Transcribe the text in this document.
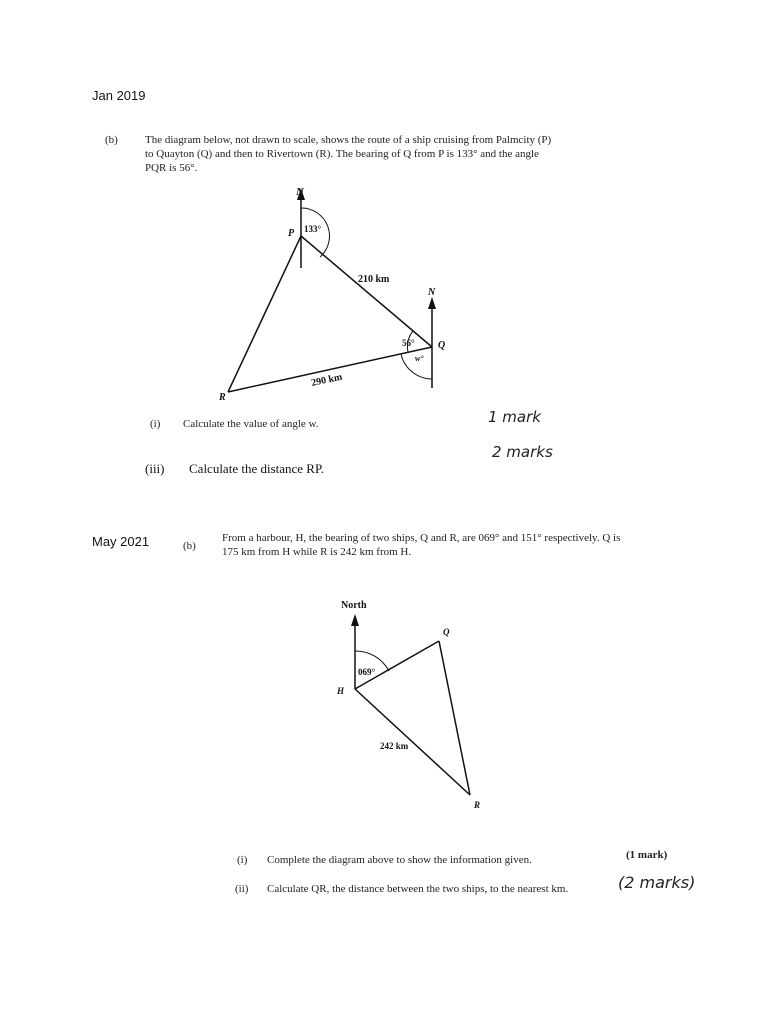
Jan 2019
(b) The diagram below, not drawn to scale, shows the route of a ship cruising from Palmcity (P)
to Quayton (Q) and then to Rivertown (R). The bearing of Q from P is 133° and the angle
PQR is 56°.
N
133°
P
210 km
290 km
R
N
Q
56°
w°
(i) Calculate the value of angle w.
(iii) Calculate the distance RP.
1 mark
2 marks
May 2021	(b)
From a harbour, H, the bearing of two ships, Q and R, are 069° and 151° respectively. Q is
175 km from H while R is 242 km from H.
North
069°
H
Q
R
242 km
(i) Complete the diagram above to show the information given.	(1 mark)
(ii) Calculate QR, the distance between the two ships, to the nearest km.	(2 marks)
